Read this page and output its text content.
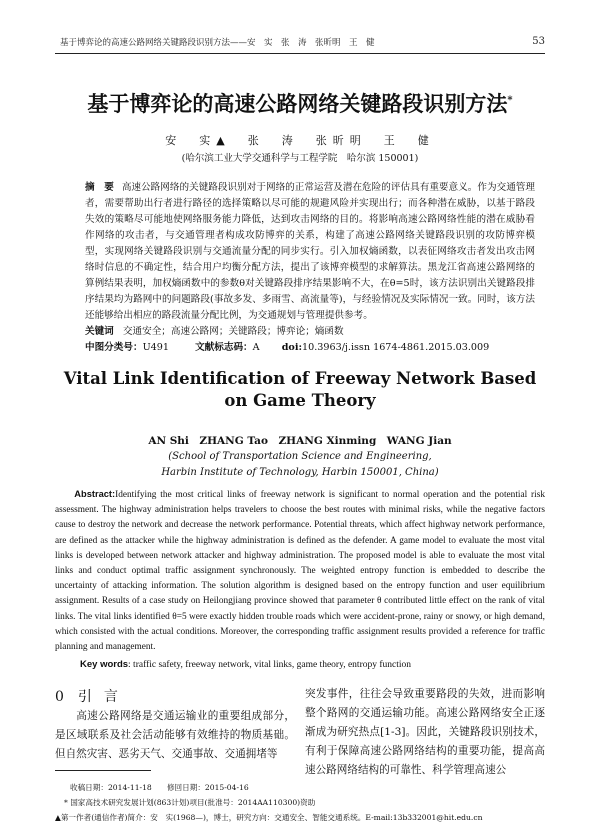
基于博弈论的高速公路网络关键路段识别方法——安　实　张　涛　张昕明　王　健	53
基于博弈论的高速公路网络关键路段识别方法*
安　实▲　张　涛　张昕明　王　健
(哈尔滨工业大学交通科学与工程学院　哈尔滨 150001)
摘　要 高速公路网络的关键路段识别对于网络的正常运营及潜在危险的评估具有重要意义。作为交通管理者，需要帮助出行者进行路径的选择策略以尽可能的规避风险并实现出行；而各种潜在威胁，以基于路段失效的策略尽可能地使网络服务能力降低，达到攻击网络的目的。将影响高速公路网络性能的潜在威胁看作网络的攻击者，与交通管理者构成攻防博弈的关系，构建了高速公路网络关键路段识别的攻防博弈模型，实现网络关键路段识别与交通流量分配的同步实行。引入加权熵函数，以表征网络攻击者发出攻击网络时信息的不确定性，结合用户均衡分配方法，提出了该博弈模型的求解算法。黑龙江省高速公路网络的算例结果表明，加权熵函数中的参数θ对关键路段排序结果影响不大，在θ=5时，该方法识别出关键路段排序结果均为路网中的问题路段(事故多发、多雨雪、高流量等)，与经验情况及实际情况一致。同时，该方法还能够给出相应的路段流量分配比例，为交通规划与管理提供参考。
关键词 交通安全；高速公路网；关键路段；博弈论；熵函数
中图分类号：U491	文献标志码：A doi:10.3963/j.issn 1674-4861.2015.03.009
Vital Link Identification of Freeway Network Based on Game Theory
AN Shi　ZHANG Tao　ZHANG Xinming　WANG Jian
(School of Transportation Science and Engineering,
Harbin Institute of Technology, Harbin 150001, China)
Abstract:Identifying the most critical links of freeway network is significant to normal operation and the potential risk assessment. The highway administration helps travelers to choose the best routes with minimal risks, while the negative factors cause to destroy the network and decrease the network performance. Potential threats, which affect highway network performance, are defined as the attacker while the highway administration is defined as the defender. A game model to evaluate the most vital links is developed between network attacker and highway administration. The proposed model is able to evaluate the most vital links and conduct optimal traffic assignment synchronously. The weighted entropy function is embedded to describe the uncertainty of attacking information. The solution algorithm is designed based on the entropy function and user equilibrium assignment. Results of a case study on Heilongjiang province showed that parameter θ contributed little effect on the rank of vital links. The vital links identified θ=5 were exactly hidden trouble roads which were accident-prone, rainy or snowy, or high demand, which consisted with the actual conditions. Moreover, the corresponding traffic assignment results provided a reference for traffic planning and management.
Key words: traffic safety, freeway network, vital links, game theory, entropy function
0 引言
高速公路网络是交通运输业的重要组成部分，是区域联系及社会活动能够有效维持的物质基础。但自然灾害、恶劣天气、交通事故、交通拥堵等
突发事件，往往会导致重要路段的失效，进而影响整个路网的交通运输功能。高速公路网络安全正逐渐成为研究热点[1-3]。因此，关键路段识别技术，有利于保障高速公路网络结构的重要功能，提高高速公路网络结构的可靠性、科学管理高速公
收稿日期：2014-11-18　　修回日期：2015-04-16
* 国家高技术研究发展计划(863计划)项目(批准号：2014AA110300)资助
▲第一作者(通信作者)简介：安　实(1968—)，博士，研究方向：交通安全、智能交通系统。E-mail:13b332001@hit.edu.cn
